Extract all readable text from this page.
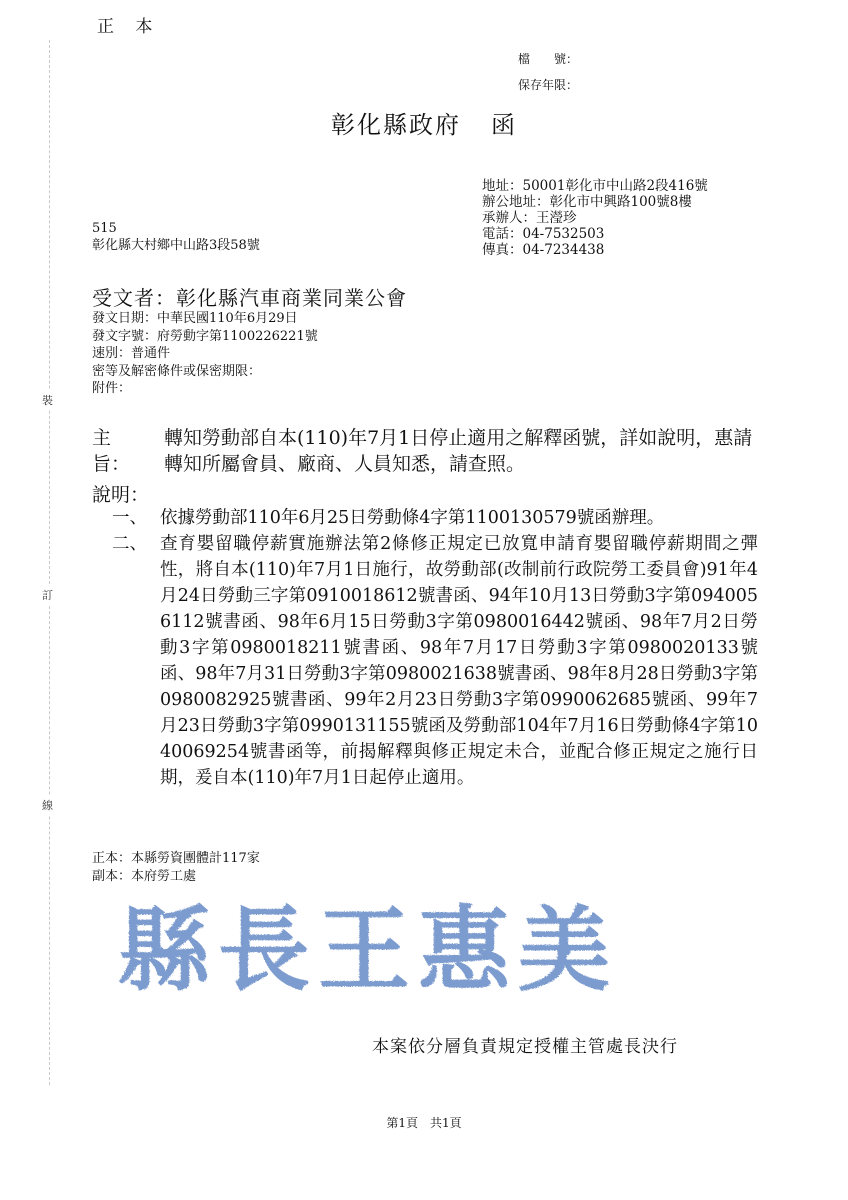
正 本
檔　　號：
保存年限：
彰化縣政府 函
地址：50001彰化市中山路2段416號
辦公地址：彰化市中興路100號8樓
承辦人：王瀅珍
電話：04-7532503
傳真：04-7234438
515
彰化縣大村鄉中山路3段58號
受文者：彰化縣汽車商業同業公會
發文日期：中華民國110年6月29日
發文字號：府勞動字第1100226221號
速別：普通件
密等及解密條件或保密期限：
附件：
裝
訂
線
主旨：
轉知勞動部自本(110)年7月1日停止適用之解釋函號，詳如說明，惠請轉知所屬會員、廠商、人員知悉，請查照。
說明：
一、 依據勞動部110年6月25日勞動條4字第1100130579號函辦理。
二、 查育嬰留職停薪實施辦法第2條修正規定已放寬申請育嬰留職停薪期間之彈性，將自本(110)年7月1日施行，故勞動部(改制前行政院勞工委員會)91年4月24日勞動三字第0910018612號書函、94年10月13日勞動3字第0940056112號書函、98年6月15日勞動3字第0980016442號函、98年7月2日勞動3字第0980018211號書函、98年7月17日勞動3字第0980020133號函、98年7月31日勞動3字第0980021638號書函、98年8月28日勞動3字第0980082925號書函、99年2月23日勞動3字第0990062685號函、99年7月23日勞動3字第0990131155號函及勞動部104年7月16日勞動條4字第1040069254號書函等，前揭解釋與修正規定未合，並配合修正規定之施行日期，爰自本(110)年7月1日起停止適用。
正本：本縣勞資團體計117家
副本：本府勞工處
縣長王惠美
本案依分層負責規定授權主管處長決行
第1頁　共1頁
